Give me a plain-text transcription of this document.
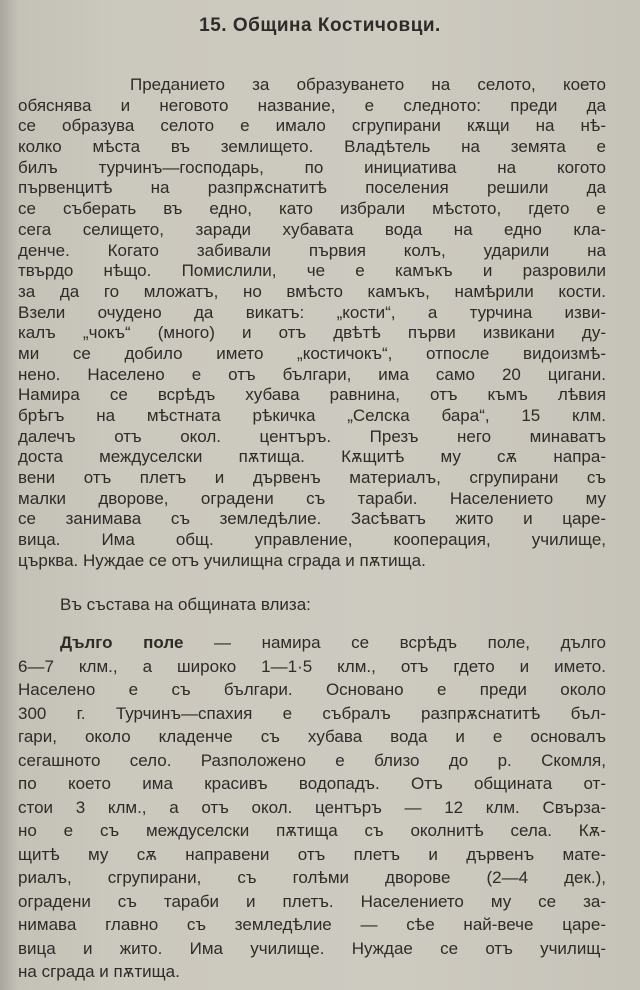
15. Община Костичовци.
Преданието за образуването на селото, което
обяснява и неговото название, е следното: преди да
се образува селото е имало сгрупирани кѫщи на нѣ-
колко мѣста въ землището. Владѣтель на земята е
билъ турчинъ—господарь, по инициатива на когото
първенцитѣ на разпрѫснатитѣ поселения решили да
се съберать въ едно, като избрали мѣстото, гдето е
сега селището, заради хубавата вода на едно кла-
денче. Когато забивали първия колъ, ударили на
твърдо нѣщо. Помислили, че е камъкъ и разровили
за да го мложатъ, но вмѣсто камъкъ, намѣрили кости.
Взели очудено да викатъ: „кости“, а турчина изви-
калъ „чокъ“ (много) и отъ двѣтѣ първи извикани ду-
ми се добило името „костичокъ“, отпосле видоизмѣ-
нено. Населено е отъ българи, има само 20 цигани.
Намира се всрѣдъ хубава равнина, отъ къмъ лѣвия
брѣгъ на мѣстната рѣкичка „Селска бара“, 15 клм.
далечъ отъ окол. центъръ. Презъ него минаватъ
доста междуселски пѫтища. Кѫщитѣ му сѫ напра-
вени отъ плетъ и дървенъ материалъ, сгрупирани съ
малки дворове, оградени съ тараби. Населението му
се занимава съ земледѣлие. Засѣватъ жито и царе-
вица. Има общ. управление, кооперация, училище,
църква. Нуждае се отъ училищна сграда и пѫтища.
Въ състава на общината влиза:
Дълго поле — намира се всрѣдъ поле, дълго
6—7 клм., а широко 1—1·5 клм., отъ гдето и името.
Населено е съ българи. Основано е преди около
300 г. Турчинъ—спахия е събралъ разпрѫснатитѣ бъл-
гари, около кладенче съ хубава вода и е основалъ
сегашното село. Разположено е близо до р. Скомля,
по което има красивъ водопадъ. Отъ общината от-
стои 3 клм., а отъ окол. центъръ — 12 клм. Свърза-
но е съ междуселски пѫтища съ околнитѣ села. Кѫ-
щитѣ му сѫ направени отъ плетъ и дървенъ мате-
риалъ, сгрупирани, съ голѣми дворове (2—4 дек.),
оградени съ тараби и плетъ. Населението му се за-
нимава главно съ земледѣлие — сѣе най-вече царе-
вица и жито. Има училище. Нуждае се отъ училищ-
на сграда и пѫтища.
